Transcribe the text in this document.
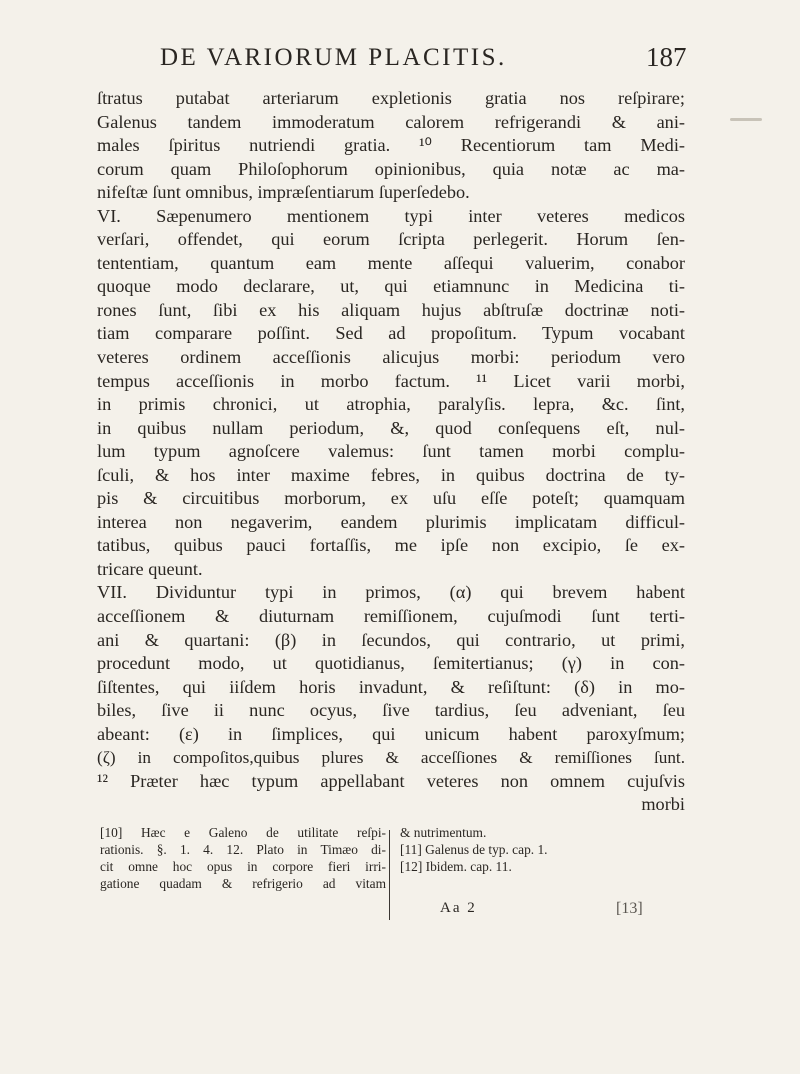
DE VARIORUM PLACITIS.	187
ſtratus putabat arteriarum expletionis gratia nos reſpirare;
Galenus tandem immoderatum calorem refrigerandi & ani-
males ſpiritus nutriendi gratia. ¹⁰ Recentiorum tam Medi-
corum quam Philoſophorum opinionibus, quia notæ ac ma-
nifeſtæ ſunt omnibus, impræſentiarum ſuperſedebo.
VI. Sæpenumero mentionem typi inter veteres medicos
verſari, offendet, qui eorum ſcripta perlegerit. Horum ſen-
tententiam, quantum eam mente aſſequi valuerim, conabor
quoque modo declarare, ut, qui etiamnunc in Medicina ti-
rones ſunt, ſibi ex his aliquam hujus abſtruſæ doctrinæ noti-
tiam comparare poſſint. Sed ad propoſitum. Typum vocabant
veteres ordinem acceſſionis alicujus morbi: periodum vero
tempus acceſſionis in morbo factum. ¹¹ Licet varii morbi,
in primis chronici, ut atrophia, paralyſis. lepra, &c. ſint,
in quibus nullam periodum, &, quod conſequens eſt, nul-
lum typum agnoſcere valemus: ſunt tamen morbi complu-
ſculi, & hos inter maxime febres, in quibus doctrina de ty-
pis & circuitibus morborum, ex uſu eſſe poteſt; quamquam
interea non negaverim, eandem plurimis implicatam difficul-
tatibus, quibus pauci fortaſſis, me ipſe non excipio, ſe ex-
tricare queunt.
VII. Dividuntur typi in primos, (α) qui brevem habent
acceſſionem & diuturnam remiſſionem, cujuſmodi ſunt terti-
ani & quartani: (β) in ſecundos, qui contrario, ut primi,
procedunt modo, ut quotidianus, ſemitertianus; (γ) in con-
ſiſtentes, qui iiſdem horis invadunt, & reſiſtunt: (δ) in mo-
biles, ſive ii nunc ocyus, ſive tardius, ſeu adveniant, ſeu
abeant: (ε) in ſimplices, qui unicum habent paroxyſmum;
(ζ) in compoſitos,quibus plures & acceſſiones & remiſſiones ſunt.
¹² Præter hæc typum appellabant veteres non omnem cujuſvis
morbi
[10] Hæc e Galeno de utilitate reſpi-
rationis. §. 1. 4. 12. Plato in Timæo di-
cit omne hoc opus in corpore fieri irri-
gatione quadam & refrigerio ad vitam
& nutrimentum.
[11] Galenus de typ. cap. 1.
[12] Ibidem. cap. 11.
Aa 2	[13]
